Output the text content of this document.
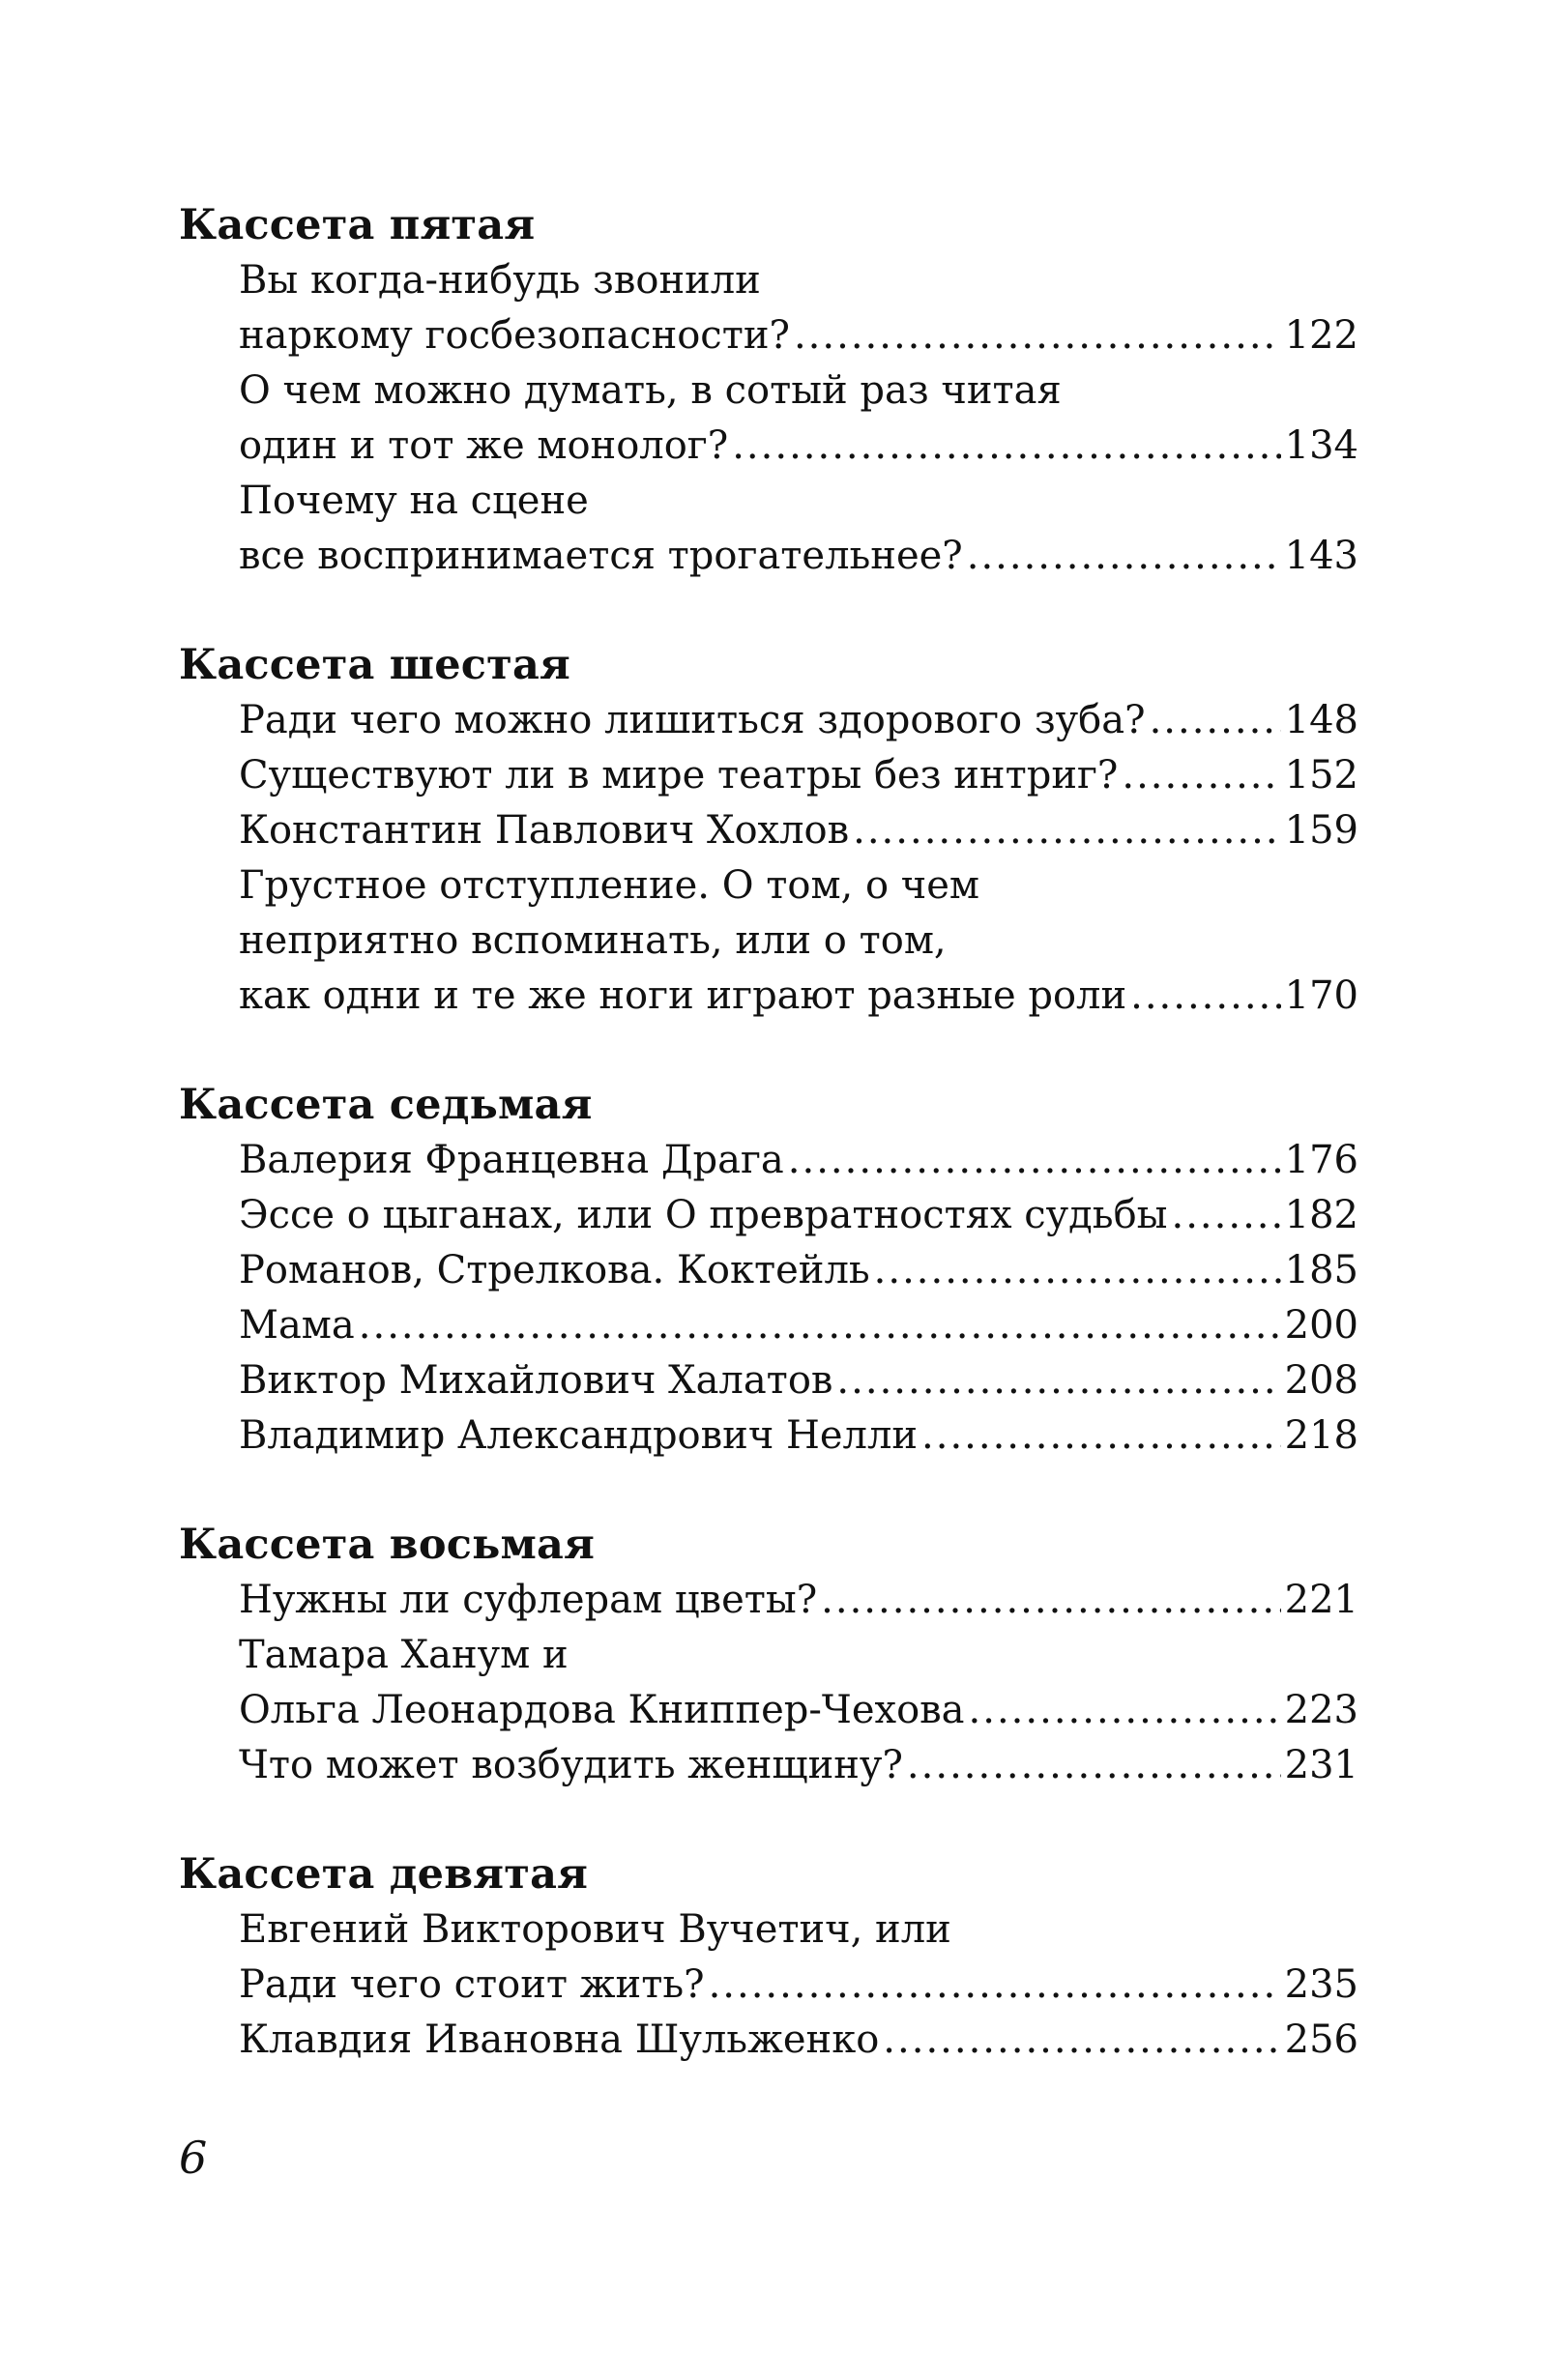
Кассета пятая
Вы когда-нибудь звонили
наркому госбезопасности? .....	122
О чем можно думать, в сотый раз читая
один и тот же монолог? .....	134
Почему на сцене
все воспринимается трогательнее? .....	143
Кассета шестая
Ради чего можно лишиться здорового зуба? .....	148
Существуют ли в мире театры без интриг? .....	152
Константин Павлович Хохлов .....	159
Грустное отступление. О том, о чем
неприятно вспоминать, или о том,
как одни и те же ноги играют разные роли .....	170
Кассета седьмая
Валерия Францевна Драга .....	176
Эссе о цыганах, или О превратностях судьбы .....	182
Романов, Стрелкова. Коктейль .....	185
Мама .....	200
Виктор Михайлович Халатов .....	208
Владимир Александрович Нелли .....	218
Кассета восьмая
Нужны ли суфлерам цветы? .....	221
Тамара Ханум и
Ольга Леонардова Книппер-Чехова .....	223
Что может возбудить женщину? .....	231
Кассета девятая
Евгений Викторович Вучетич, или
Ради чего стоит жить? .....	235
Клавдия Ивановна Шульженко .....	256
6
